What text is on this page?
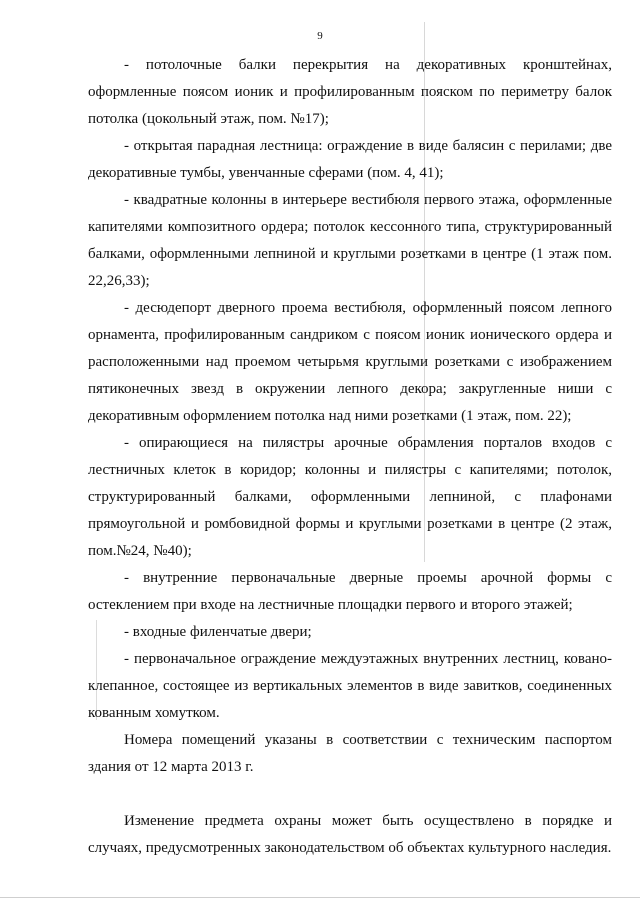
9

- потолочные балки перекрытия на декоративных кронштейнах, оформленные поясом ионик и профилированным пояском по периметру балок потолка (цокольный этаж, пом. №17);

- открытая парадная лестница: ограждение в виде балясин с перилами; две декоративные тумбы, увенчанные сферами (пом. 4, 41);

- квадратные колонны в интерьере вестибюля первого этажа, оформленные капителями композитного ордера; потолок кессонного типа, структурированный балками, оформленными лепниной и круглыми розетками в центре (1 этаж пом. 22,26,33);

- десюдепорт дверного проема вестибюля, оформленный поясом лепного орнамента, профилированным сандриком с поясом ионик ионического ордера и расположенными над проемом четырьмя круглыми розетками с изображением пятиконечных звезд в окружении лепного декора; закругленные ниши с декоративным оформлением потолка над ними розетками (1 этаж, пом. 22);

- опирающиеся на пилястры арочные обрамления порталов входов с лестничных клеток в коридор; колонны и пилястры с капителями; потолок, структурированный балками, оформленными лепниной, с плафонами прямоугольной и ромбовидной формы и круглыми розетками в центре (2 этаж, пом.№24, №40);

- внутренние первоначальные дверные проемы арочной формы с остеклением при входе на лестничные площадки первого и второго этажей;

- входные филенчатые двери;

- первоначальное ограждение междуэтажных внутренних лестниц, ковано-клепанное, состоящее из вертикальных элементов в виде завитков, соединенных кованным хомутком.

Номера помещений указаны в соответствии с техническим паспортом здания от 12 марта 2013 г.

Изменение предмета охраны может быть осуществлено в порядке и случаях, предусмотренных законодательством об объектах культурного наследия.
